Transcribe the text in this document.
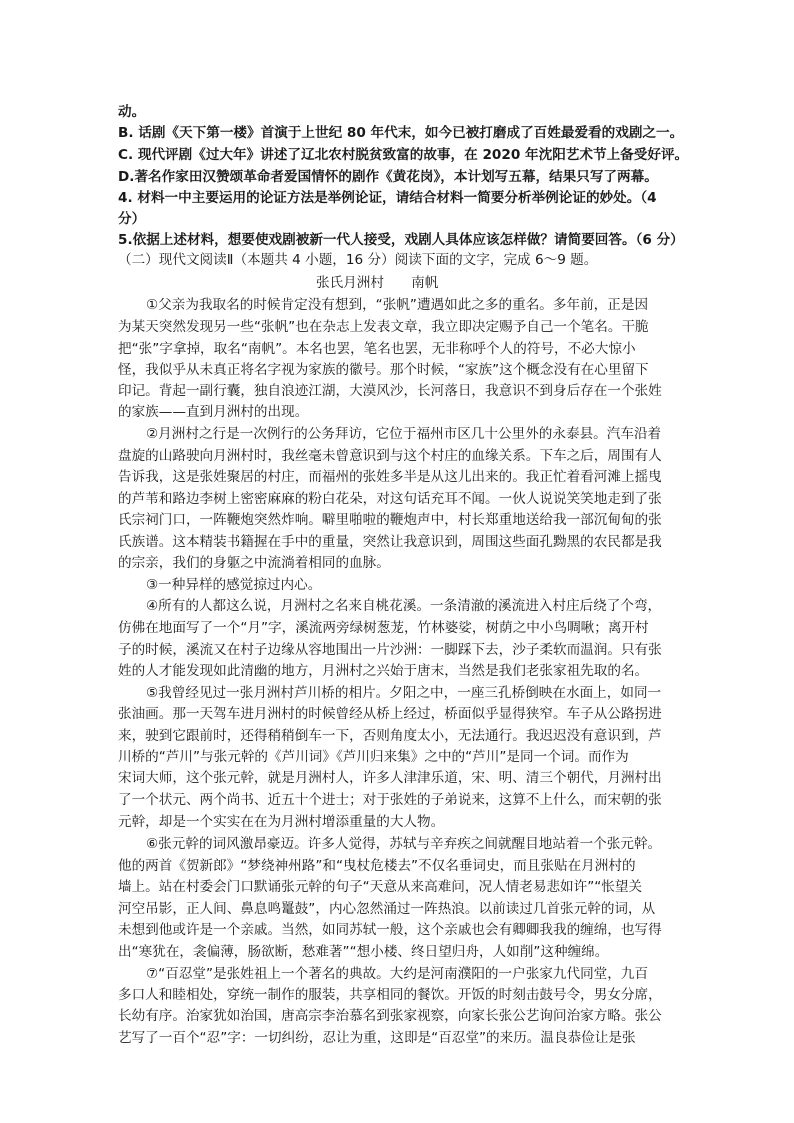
动。
B. 话剧《天下第一楼》首演于上世纪 80 年代末，如今已被打磨成了百姓最爱看的戏剧之一。
C. 现代评剧《过大年》讲述了辽北农村脱贫致富的故事，在 2020 年沈阳艺术节上备受好评。
D.著名作家田汉赞颂革命者爱国情怀的剧作《黄花岗》，本计划写五幕，结果只写了两幕。
4. 材料一中主要运用的论证方法是举例论证，请结合材料一简要分析举例论证的妙处。（4
分）
5.依据上述材料，想要使戏剧被新一代人接受，戏剧人具体应该怎样做？请简要回答。（6 分）
（二）现代文阅读Ⅱ（本题共 4 小题，16 分）阅读下面的文字，完成 6～9 题。
张氏月洲村　　南帆
①父亲为我取名的时候肯定没有想到，“张帆”遭遇如此之多的重名。多年前，正是因
为某天突然发现另一些“张帆”也在杂志上发表文章，我立即决定赐予自己一个笔名。干脆
把“张”字拿掉，取名“南帆”。本名也罢，笔名也罢，无非称呼个人的符号，不必大惊小
怪，我似乎从未真正将名字视为家族的徽号。那个时候，“家族”这个概念没有在心里留下
印记。背起一副行囊，独自浪迹江湖，大漠风沙，长河落日，我意识不到身后存在一个张姓
的家族——直到月洲村的出现。
②月洲村之行是一次例行的公务拜访，它位于福州市区几十公里外的永泰县。汽车沿着
盘旋的山路驶向月洲村时，我丝毫未曾意识到与这个村庄的血缘关系。下车之后，周围有人
告诉我，这是张姓聚居的村庄，而福州的张姓多半是从这儿出来的。我正忙着看河滩上摇曳
的芦苇和路边李树上密密麻麻的粉白花朵，对这句话充耳不闻。一伙人说说笑笑地走到了张
氏宗祠门口，一阵鞭炮突然炸响。噼里啪啦的鞭炮声中，村长郑重地送给我一部沉甸甸的张
氏族谱。这本精装书籍握在手中的重量，突然让我意识到，周围这些面孔黝黑的农民都是我
的宗亲，我们的身躯之中流淌着相同的血脉。
③一种异样的感觉掠过内心。
④所有的人都这么说，月洲村之名来自桃花溪。一条清澈的溪流进入村庄后绕了个弯，
仿佛在地面写了一个“月”字，溪流两旁绿树葱茏，竹林婆娑，树荫之中小鸟啁啾；离开村
子的时候，溪流又在村子边缘从容地围出一片沙洲：一脚踩下去，沙子柔软而温润。只有张
姓的人才能发现如此清幽的地方，月洲村之兴始于唐末，当然是我们老张家祖先取的名。
⑤我曾经见过一张月洲村芦川桥的相片。夕阳之中，一座三孔桥倒映在水面上，如同一
张油画。那一天驾车进月洲村的时候曾经从桥上经过，桥面似乎显得狭窄。车子从公路拐进
来，驶到它跟前时，还得稍稍倒车一下，否则角度太小，无法通行。我迟迟没有意识到，芦
川桥的“芦川”与张元幹的《芦川词》《芦川归来集》之中的“芦川”是同一个词。而作为
宋词大师，这个张元幹，就是月洲村人，许多人津津乐道，宋、明、清三个朝代，月洲村出
了一个状元、两个尚书、近五十个进士；对于张姓的子弟说来，这算不上什么，而宋朝的张
元幹，却是一个实实在在为月洲村增添重量的大人物。
⑥张元幹的词风激昂豪迈。许多人觉得，苏轼与辛弃疾之间就醒目地站着一个张元幹。
他的两首《贺新郎》“梦绕神州路”和“曳杖危楼去”不仅名垂词史，而且张贴在月洲村的
墙上。站在村委会门口默诵张元幹的句子“天意从来高难问，况人情老易悲如许”“怅望关
河空吊影，正人间、鼻息鸣鼍鼓”，内心忽然涌过一阵热浪。以前读过几首张元幹的词，从
未想到他或许是一个亲戚。当然，如同苏轼一般，这个亲戚也会有卿卿我我的缠绵，也写得
出“寒犹在，衾偏薄，肠欲断，愁难著”“想小楼、终日望归舟，人如削”这种缠绵。
⑦“百忍堂”是张姓祖上一个著名的典故。大约是河南濮阳的一户张家九代同堂，九百
多口人和睦相处，穿统一制作的服装，共享相同的餐饮。开饭的时刻击鼓号令，男女分席，
长幼有序。治家犹如治国，唐高宗李治慕名到张家视察，向家长张公艺询问治家方略。张公
艺写了一百个“忍”字：一切纠纷，忍让为重，这即是“百忍堂”的来历。温良恭俭让是张
